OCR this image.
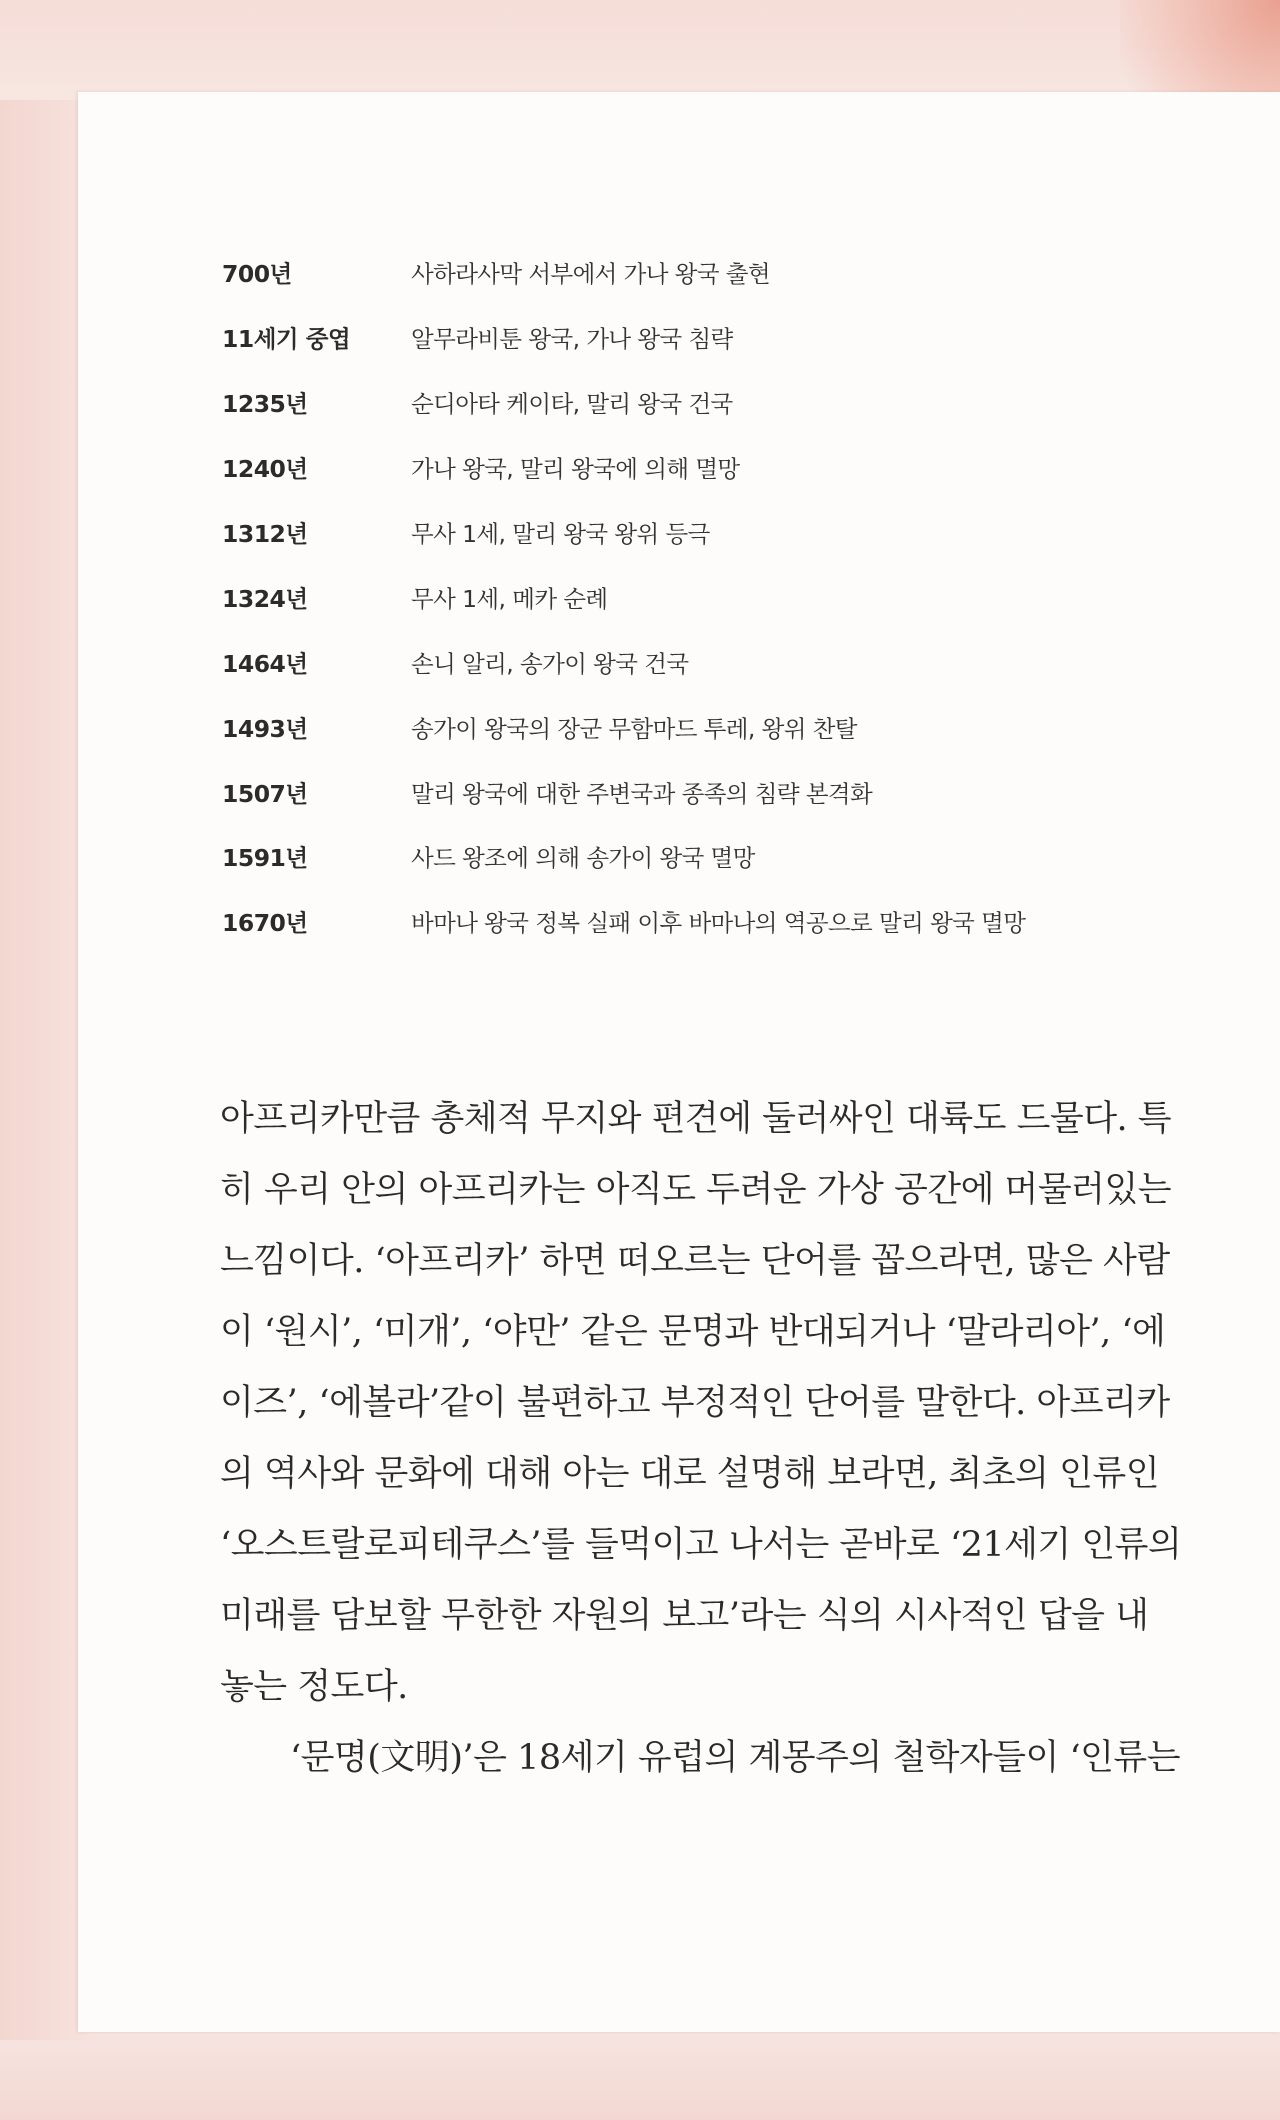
700년	사하라사막 서부에서 가나 왕국 출현
11세기 중엽	알무라비툰 왕국, 가나 왕국 침략
1235년	순디아타 케이타, 말리 왕국 건국
1240년	가나 왕국, 말리 왕국에 의해 멸망
1312년	무사 1세, 말리 왕국 왕위 등극
1324년	무사 1세, 메카 순례
1464년	손니 알리, 송가이 왕국 건국
1493년	송가이 왕국의 장군 무함마드 투레, 왕위 찬탈
1507년	말리 왕국에 대한 주변국과 종족의 침략 본격화
1591년	사드 왕조에 의해 송가이 왕국 멸망
1670년	바마나 왕국 정복 실패 이후 바마나의 역공으로 말리 왕국 멸망
아프리카만큼 총체적 무지와 편견에 둘러싸인 대륙도 드물다. 특
히 우리 안의 아프리카는 아직도 두려운 가상 공간에 머물러있는
느낌이다. ‘아프리카’ 하면 떠오르는 단어를 꼽으라면, 많은 사람
이 ‘원시’, ‘미개’, ‘야만’ 같은 문명과 반대되거나 ‘말라리아’, ‘에
이즈’, ‘에볼라’같이 불편하고 부정적인 단어를 말한다. 아프리카
의 역사와 문화에 대해 아는 대로 설명해 보라면, 최초의 인류인
‘오스트랄로피테쿠스’를 들먹이고 나서는 곧바로 ‘21세기 인류의
미래를 담보할 무한한 자원의 보고’라는 식의 시사적인 답을 내
놓는 정도다.
‘문명(文明)’은 18세기 유럽의 계몽주의 철학자들이 ‘인류는
